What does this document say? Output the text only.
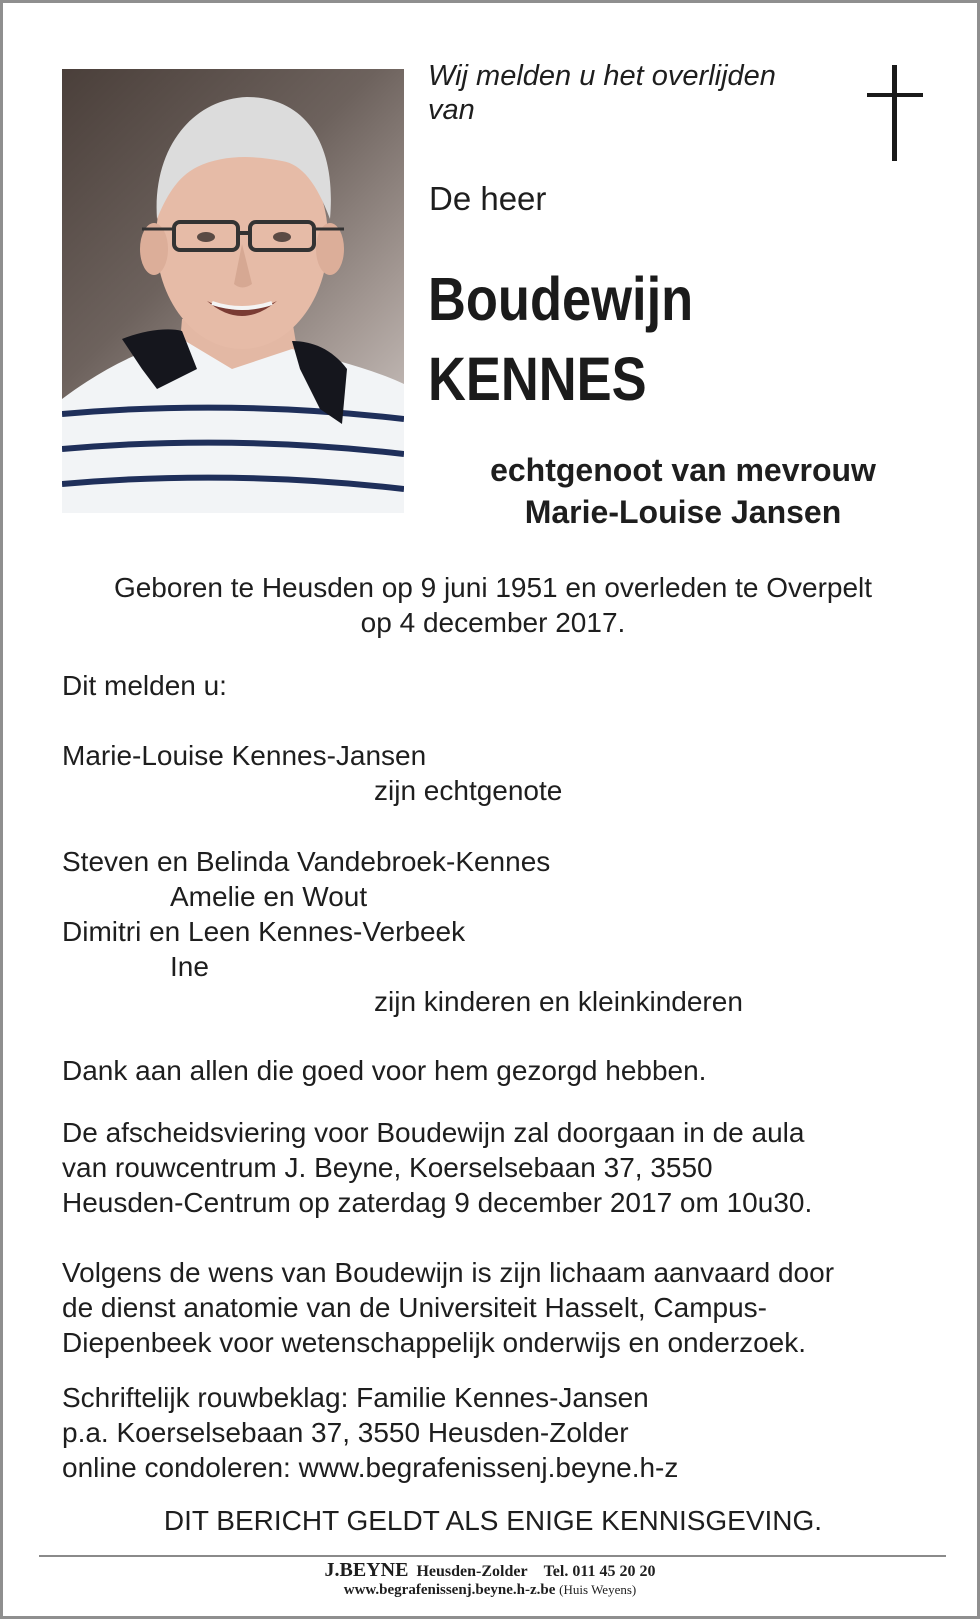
Wij melden u het overlijden
van
De heer
Boudewijn
KENNES
echtgenoot van mevrouw
Marie-Louise Jansen
Geboren te Heusden op 9 juni 1951 en overleden te Overpelt
op 4 december 2017.
Dit melden u:
Marie-Louise Kennes-Jansen
zijn echtgenote
Steven en Belinda Vandebroek-Kennes
Amelie en Wout
Dimitri en Leen Kennes-Verbeek
Ine
zijn kinderen en kleinkinderen
Dank aan allen die goed voor hem gezorgd hebben.
De afscheidsviering voor Boudewijn zal doorgaan in de aula
van rouwcentrum J. Beyne, Koerselsebaan 37, 3550
Heusden-Centrum op zaterdag 9 december 2017 om 10u30.
Volgens de wens van Boudewijn is zijn lichaam aanvaard door
de dienst anatomie van de Universiteit Hasselt, Campus-
Diepenbeek voor wetenschappelijk onderwijs en onderzoek.
Schriftelijk rouwbeklag: Familie Kennes-Jansen
p.a. Koerselsebaan 37, 3550 Heusden-Zolder
online condoleren: www.begrafenissenj.beyne.h-z
DIT BERICHT GELDT ALS ENIGE KENNISGEVING.
J.BEYNE Heusden-Zolder Tel. 011 45 20 20
www.begrafenissenj.beyne.h-z.be (Huis Weyens)
